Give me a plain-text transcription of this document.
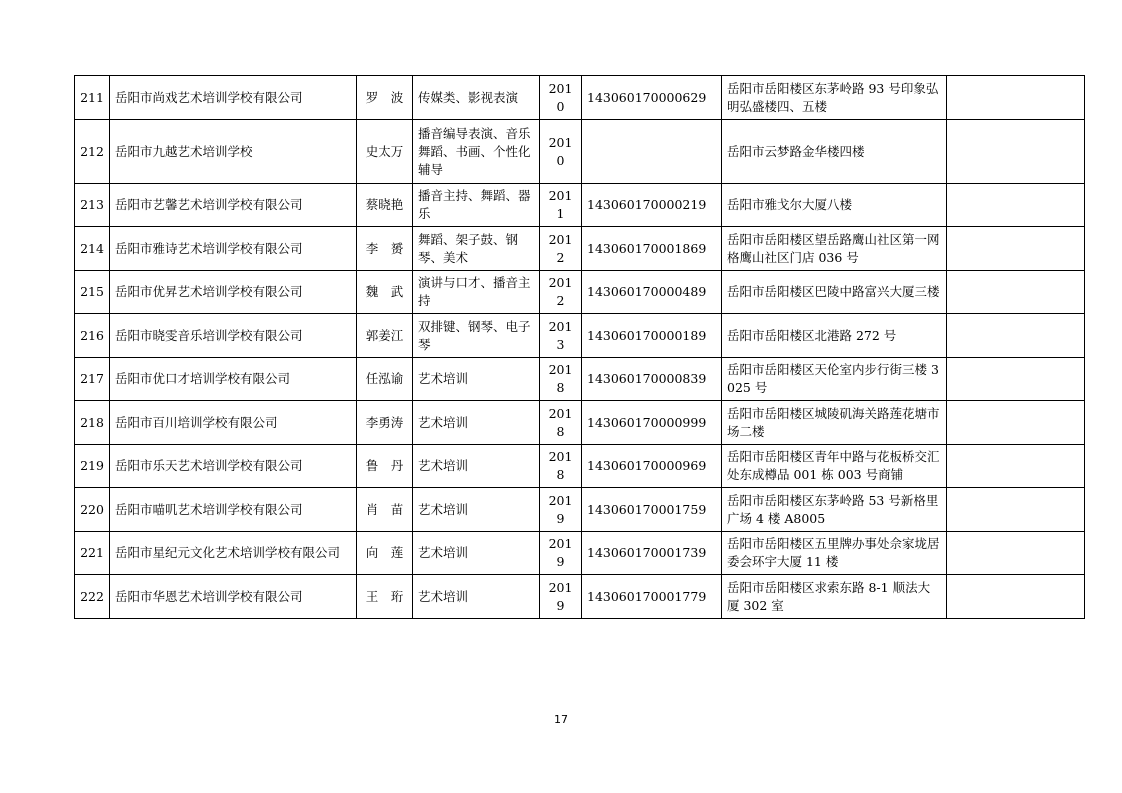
211	岳阳市尚戏艺术培训学校有限公司	罗　波	传媒类、影视表演	2010	143060170000629	岳阳市岳阳楼区东茅岭路 93 号印象弘明弘盛楼四、五楼	
212	岳阳市九越艺术培训学校	史太万	播音编导表演、音乐舞蹈、书画、个性化辅导	2010		岳阳市云梦路金华楼四楼	
213	岳阳市艺馨艺术培训学校有限公司	蔡晓艳	播音主持、舞蹈、器乐	2011	143060170000219	岳阳市雅戈尔大厦八楼	
214	岳阳市雅诗艺术培训学校有限公司	李　赟	舞蹈、架子鼓、钢琴、美术	2012	143060170001869	岳阳市岳阳楼区望岳路鹰山社区第一网格鹰山社区门店 036 号	
215	岳阳市优昇艺术培训学校有限公司	魏　武	演讲与口才、播音主持	2012	143060170000489	岳阳市岳阳楼区巴陵中路富兴大厦三楼	
216	岳阳市晓雯音乐培训学校有限公司	郭姜江	双排键、钢琴、电子琴	2013	143060170000189	岳阳市岳阳楼区北港路 272 号	
217	岳阳市优口才培训学校有限公司	任泓谕	艺术培训	2018	143060170000839	岳阳市岳阳楼区天伦室内步行街三楼 3025 号	
218	岳阳市百川培训学校有限公司	李勇涛	艺术培训	2018	143060170000999	岳阳市岳阳楼区城陵矶海关路莲花塘市场二楼	
219	岳阳市乐天艺术培训学校有限公司	鲁　丹	艺术培训	2018	143060170000969	岳阳市岳阳楼区青年中路与花板桥交汇处东成樽品 001 栋 003 号商铺	
220	岳阳市喵叽艺术培训学校有限公司	肖　苗	艺术培训	2019	143060170001759	岳阳市岳阳楼区东茅岭路 53 号新格里广场 4 楼 A8005	
221	岳阳市星纪元文化艺术培训学校有限公司	向　莲	艺术培训	2019	143060170001739	岳阳市岳阳楼区五里牌办事处佘家垅居委会环宇大厦 11 楼	
222	岳阳市华恩艺术培训学校有限公司	王　珩	艺术培训	2019	143060170001779	岳阳市岳阳楼区求索东路 8-1 顺法大厦 302 室	
17
